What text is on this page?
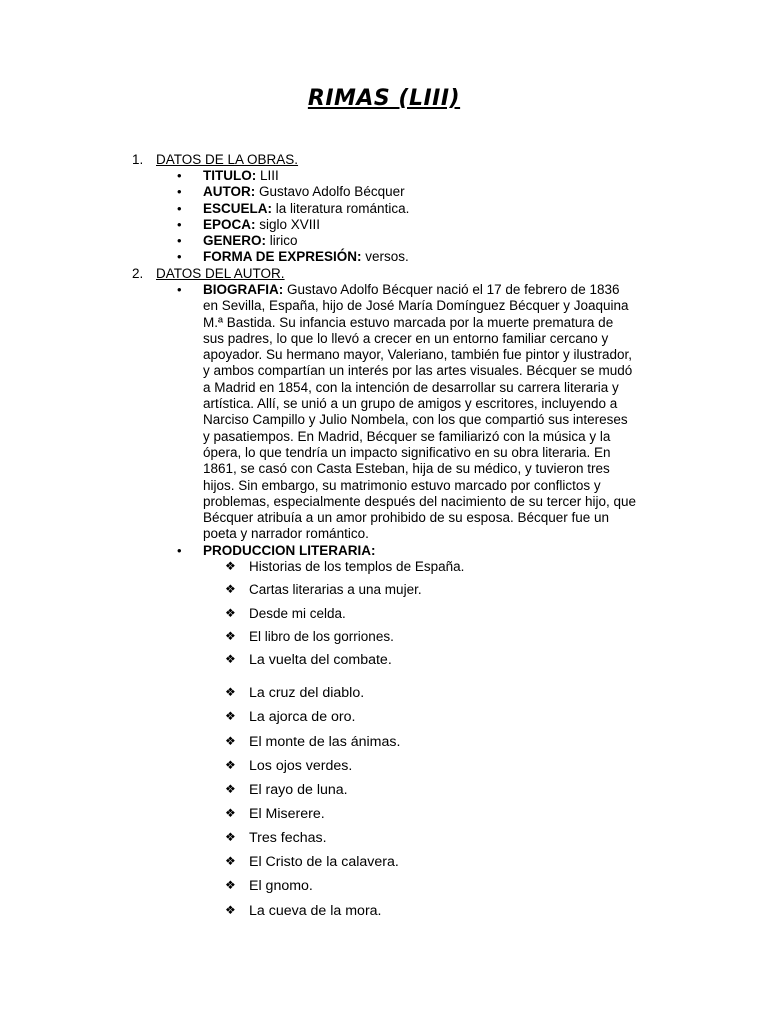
RIMAS (LIII)
1. DATOS DE LA OBRAS.
• TITULO: LIII
• AUTOR: Gustavo Adolfo Bécquer
• ESCUELA: la literatura romántica.
• EPOCA: siglo XVIII
• GENERO: lirico
• FORMA DE EXPRESIÓN: versos.
2. DATOS DEL AUTOR.
• BIOGRAFIA: Gustavo Adolfo Bécquer nació el 17 de febrero de 1836
en Sevilla, España, hijo de José María Domínguez Bécquer y Joaquina
M.ª Bastida. Su infancia estuvo marcada por la muerte prematura de
sus padres, lo que lo llevó a crecer en un entorno familiar cercano y
apoyador. Su hermano mayor, Valeriano, también fue pintor y ilustrador,
y ambos compartían un interés por las artes visuales. Bécquer se mudó
a Madrid en 1854, con la intención de desarrollar su carrera literaria y
artística. Allí, se unió a un grupo de amigos y escritores, incluyendo a
Narciso Campillo y Julio Nombela, con los que compartió sus intereses
y pasatiempos. En Madrid, Bécquer se familiarizó con la música y la
ópera, lo que tendría un impacto significativo en su obra literaria. En
1861, se casó con Casta Esteban, hija de su médico, y tuvieron tres
hijos. Sin embargo, su matrimonio estuvo marcado por conflictos y
problemas, especialmente después del nacimiento de su tercer hijo, que
Bécquer atribuía a un amor prohibido de su esposa. Bécquer fue un
poeta y narrador romántico.
• PRODUCCION LITERARIA:
❖ Historias de los templos de España.
❖ Cartas literarias a una mujer.
❖ Desde mi celda.
❖ El libro de los gorriones.
❖ La vuelta del combate.
❖ La cruz del diablo.
❖ La ajorca de oro.
❖ El monte de las ánimas.
❖ Los ojos verdes.
❖ El rayo de luna.
❖ El Miserere.
❖ Tres fechas.
❖ El Cristo de la calavera.
❖ El gnomo.
❖ La cueva de la mora.
